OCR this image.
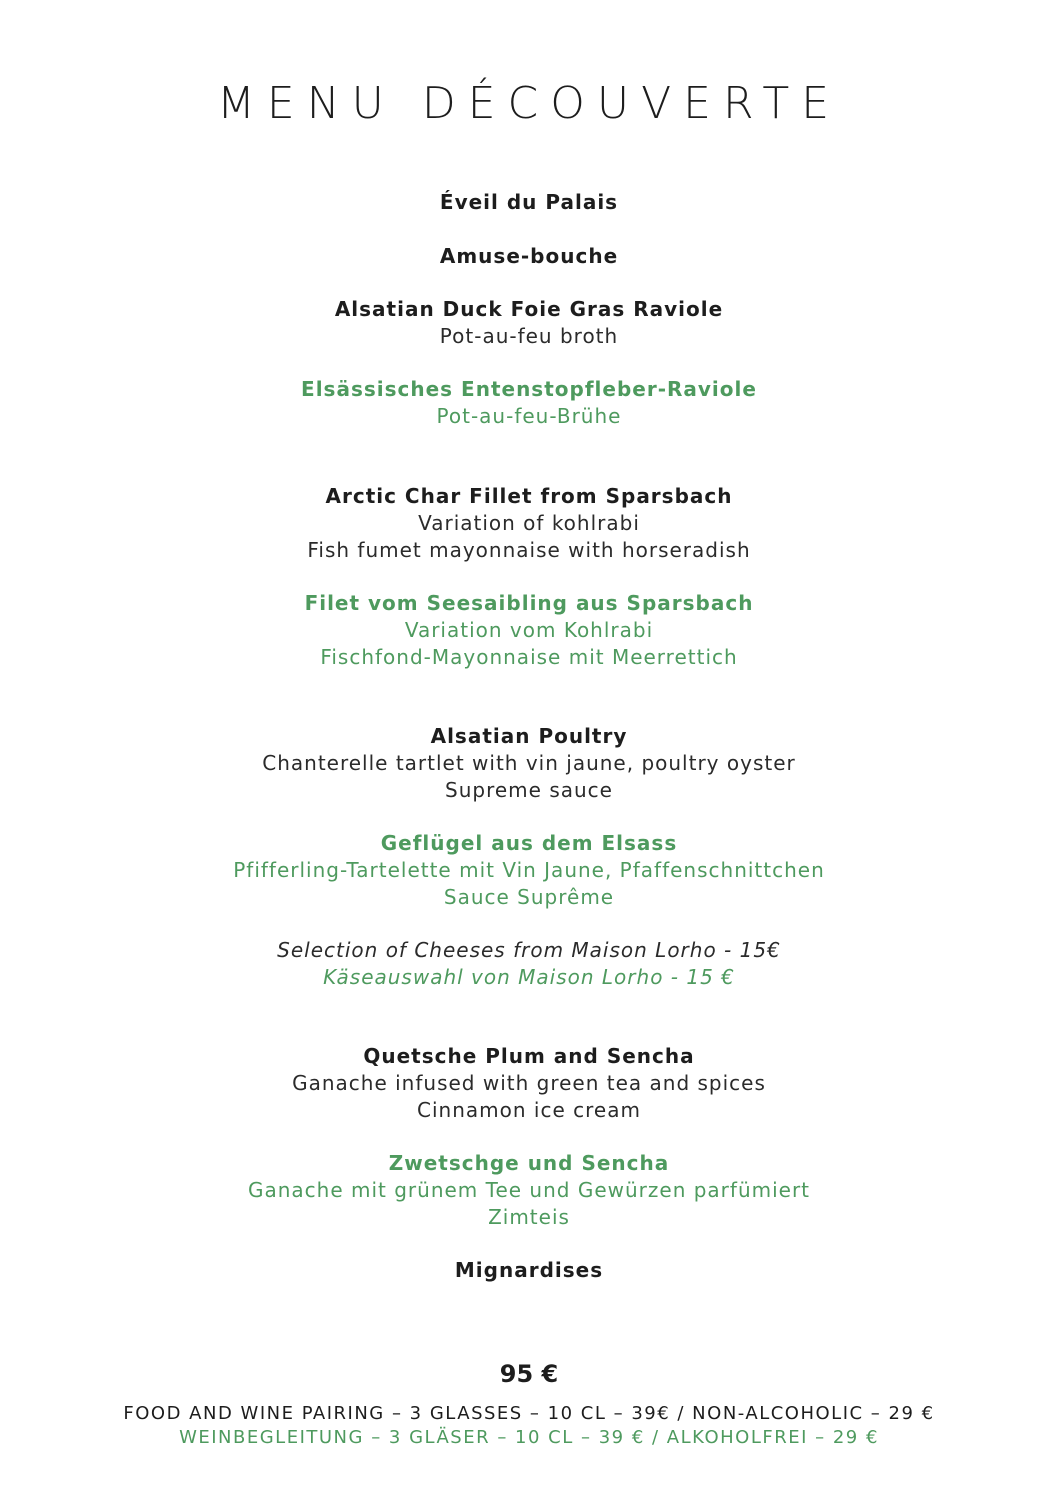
MENU DÉCOUVERTE
Éveil du Palais
Amuse-bouche
Alsatian Duck Foie Gras Raviole
Pot-au-feu broth
Elsässisches Entenstopfleber-Raviole
Pot-au-feu-Brühe
Arctic Char Fillet from Sparsbach
Variation of kohlrabi
Fish fumet mayonnaise with horseradish
Filet vom Seesaibling aus Sparsbach
Variation vom Kohlrabi
Fischfond-Mayonnaise mit Meerrettich
Alsatian Poultry
Chanterelle tartlet with vin jaune, poultry oyster
Supreme sauce
Geflügel aus dem Elsass
Pfifferling-Tartelette mit Vin Jaune, Pfaffenschnittchen
Sauce Suprême
Selection of Cheeses from Maison Lorho - 15€
Käseauswahl von Maison Lorho - 15 €
Quetsche Plum and Sencha
Ganache infused with green tea and spices
Cinnamon ice cream
Zwetschge und Sencha
Ganache mit grünem Tee und Gewürzen parfümiert
Zimteis
Mignardises
95 €
FOOD AND WINE PAIRING – 3 GLASSES – 10 CL – 39€ / NON-ALCOHOLIC – 29 €
WEINBEGLEITUNG – 3 GLÄSER – 10 CL – 39 € / ALKOHOLFREI – 29 €
